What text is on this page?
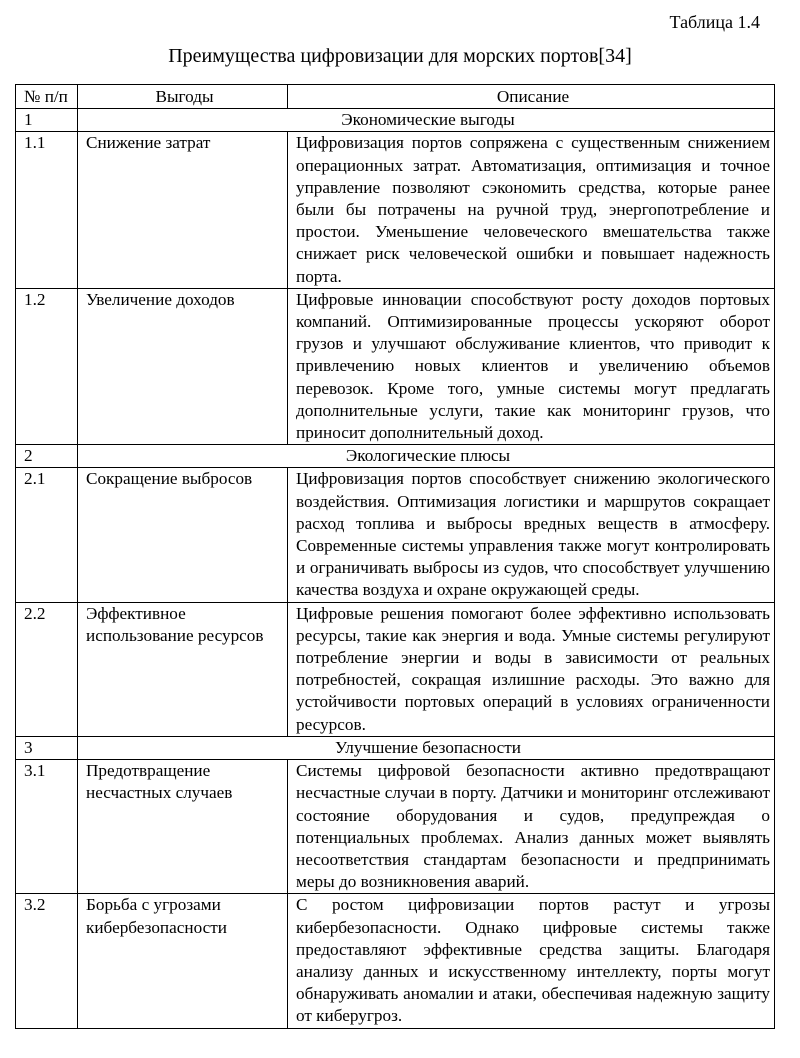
Таблица 1.4
Преимущества цифровизации для морских портов[34]
№ п/п	Выгоды	Описание
1	Экономические выгоды	
1.1	Снижение затрат	Цифровизация портов сопряжена с существенным снижением операционных затрат. Автоматизация, оптимизация и точное управление позволяют сэкономить средства, которые ранее были бы потрачены на ручной труд, энергопотребление и простои. Уменьшение человеческого вмешательства также снижает риск человеческой ошибки и повышает надежность порта.
1.2	Увеличение доходов	Цифровые инновации способствуют росту доходов портовых компаний. Оптимизированные процессы ускоряют оборот грузов и улучшают обслуживание клиентов, что приводит к привлечению новых клиентов и увеличению объемов перевозок. Кроме того, умные системы могут предлагать дополнительные услуги, такие как мониторинг грузов, что приносит дополнительный доход.
2	Экологические плюсы	
2.1	Сокращение выбросов	Цифровизация портов способствует снижению экологического воздействия. Оптимизация логистики и маршрутов сокращает расход топлива и выбросы вредных веществ в атмосферу. Современные системы управления также могут контролировать и ограничивать выбросы из судов, что способствует улучшению качества воздуха и охране окружающей среды.
2.2	Эффективное использование ресурсов	Цифровые решения помогают более эффективно использовать ресурсы, такие как энергия и вода. Умные системы регулируют потребление энергии и воды в зависимости от реальных потребностей, сокращая излишние расходы. Это важно для устойчивости портовых операций в условиях ограниченности ресурсов.
3	Улучшение безопасности	
3.1	Предотвращение несчастных случаев	Системы цифровой безопасности активно предотвращают несчастные случаи в порту. Датчики и мониторинг отслеживают состояние оборудования и судов, предупреждая о потенциальных проблемах. Анализ данных может выявлять несоответствия стандартам безопасности и предпринимать меры до возникновения аварий.
3.2	Борьба с угрозами кибербезопасности	С ростом цифровизации портов растут и угрозы кибербезопасности. Однако цифровые системы также предоставляют эффективные средства защиты. Благодаря анализу данных и искусственному интеллекту, порты могут обнаруживать аномалии и атаки, обеспечивая надежную защиту от киберугроз.
